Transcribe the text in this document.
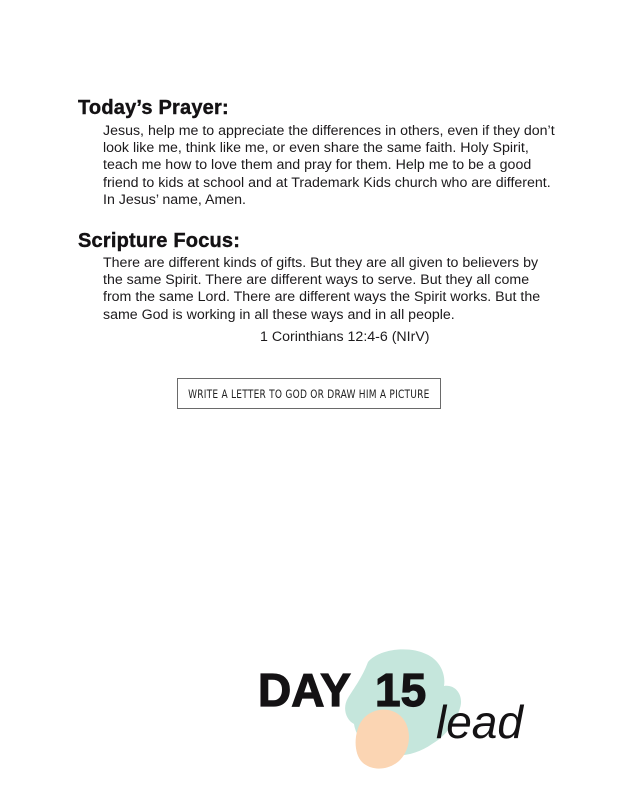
Today’s Prayer:

Jesus, help me to appreciate the differences in others, even if they don’t
look like me, think like me, or even share the same faith. Holy Spirit,
teach me how to love them and pray for them. Help me to be a good
friend to kids at school and at Trademark Kids church who are different.
In Jesus’ name, Amen.

Scripture Focus:

There are different kinds of gifts. But they are all given to believers by
the same Spirit. There are different ways to serve. But they all come
from the same Lord. There are different ways the Spirit works. But the
same God is working in all these ways and in all people.

1 Corinthians 12:4-6 (NIrV)
WRITE A LETTER TO GOD OR DRAW HIM A PICTURE
DAY 15
lead
